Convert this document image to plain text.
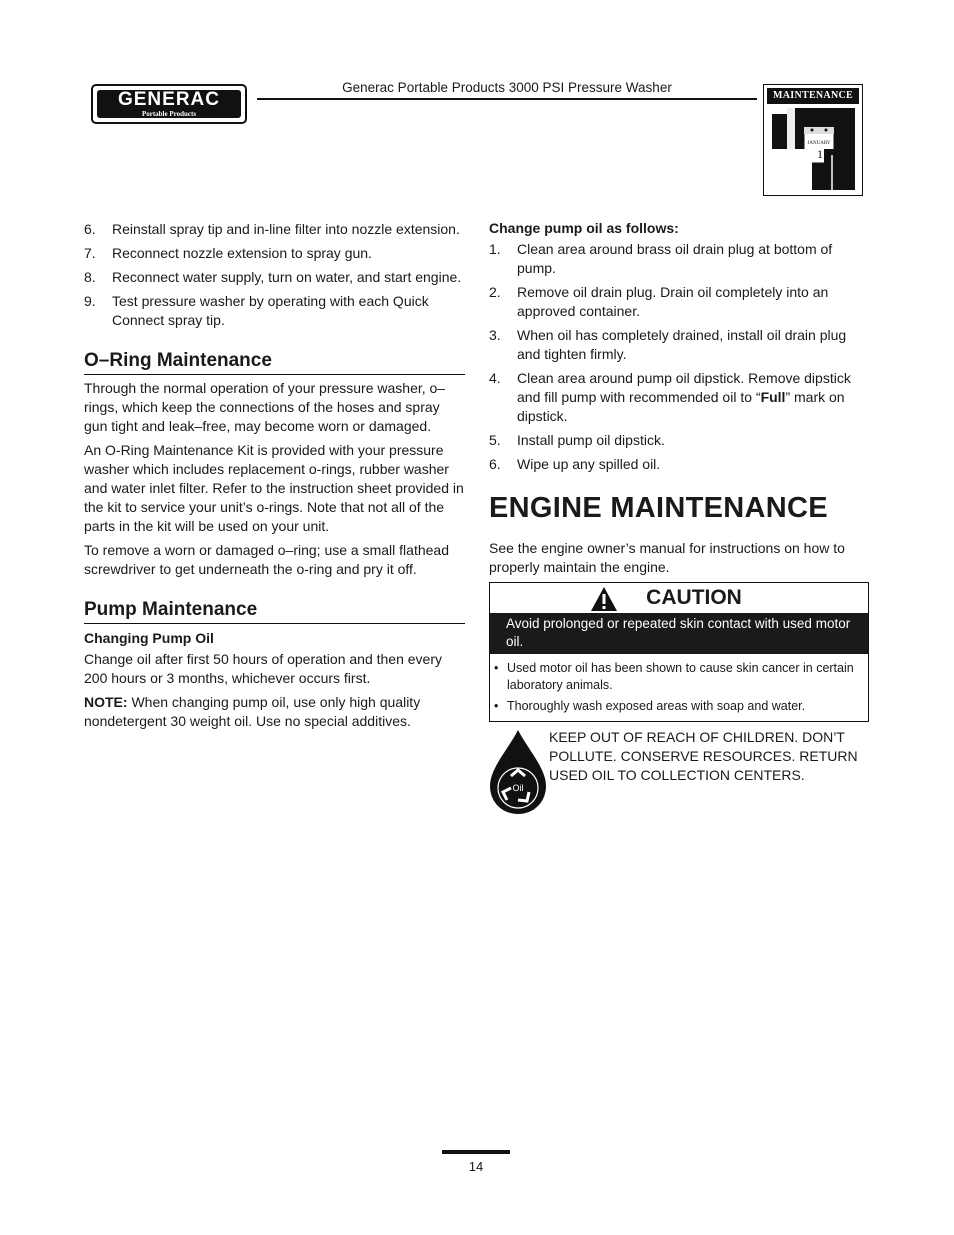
GENERAC
Portable Products
Generac Portable Products 3000 PSI Pressure Washer
MAINTENANCE
JANUARY
1
6. Reinstall spray tip and in-line filter into nozzle extension.
7. Reconnect nozzle extension to spray gun.
8. Reconnect water supply, turn on water, and start engine.
9. Test pressure washer by operating with each Quick Connect spray tip.
O–Ring Maintenance

Through the normal operation of your pressure washer, o–rings, which keep the connections of the hoses and spray gun tight and leak–free, may become worn or damaged.

An O-Ring Maintenance Kit is provided with your pressure washer which includes replacement o-rings, rubber washer and water inlet filter. Refer to the instruction sheet provided in the kit to service your unit’s o-rings. Note that not all of the parts in the kit will be used on your unit.

To remove a worn or damaged o–ring; use a small flathead screwdriver to get underneath the o-ring and pry it off.

Pump Maintenance
Changing Pump Oil

Change oil after first 50 hours of operation and then every 200 hours or 3 months, whichever occurs first.

NOTE: When changing pump oil, use only high quality nondetergent 30 weight oil. Use no special additives.

Change pump oil as follows:
1. Clean area around brass oil drain plug at bottom of pump.
2. Remove oil drain plug. Drain oil completely into an approved container.
3. When oil has completely drained, install oil drain plug and tighten firmly.
4. Clean area around pump oil dipstick. Remove dipstick and fill pump with recommended oil to “Full” mark on dipstick.
5. Install pump oil dipstick.
6. Wipe up any spilled oil.
ENGINE MAINTENANCE

See the engine owner’s manual for instructions on how to properly maintain the engine.

CAUTION
Avoid prolonged or repeated skin contact with used motor oil.
• Used motor oil has been shown to cause skin cancer in certain laboratory animals.
• Thoroughly wash exposed areas with soap and water.
Oil
KEEP OUT OF REACH OF CHILDREN. DON’T POLLUTE. CONSERVE RESOURCES. RETURN USED OIL TO COLLECTION CENTERS.
14
